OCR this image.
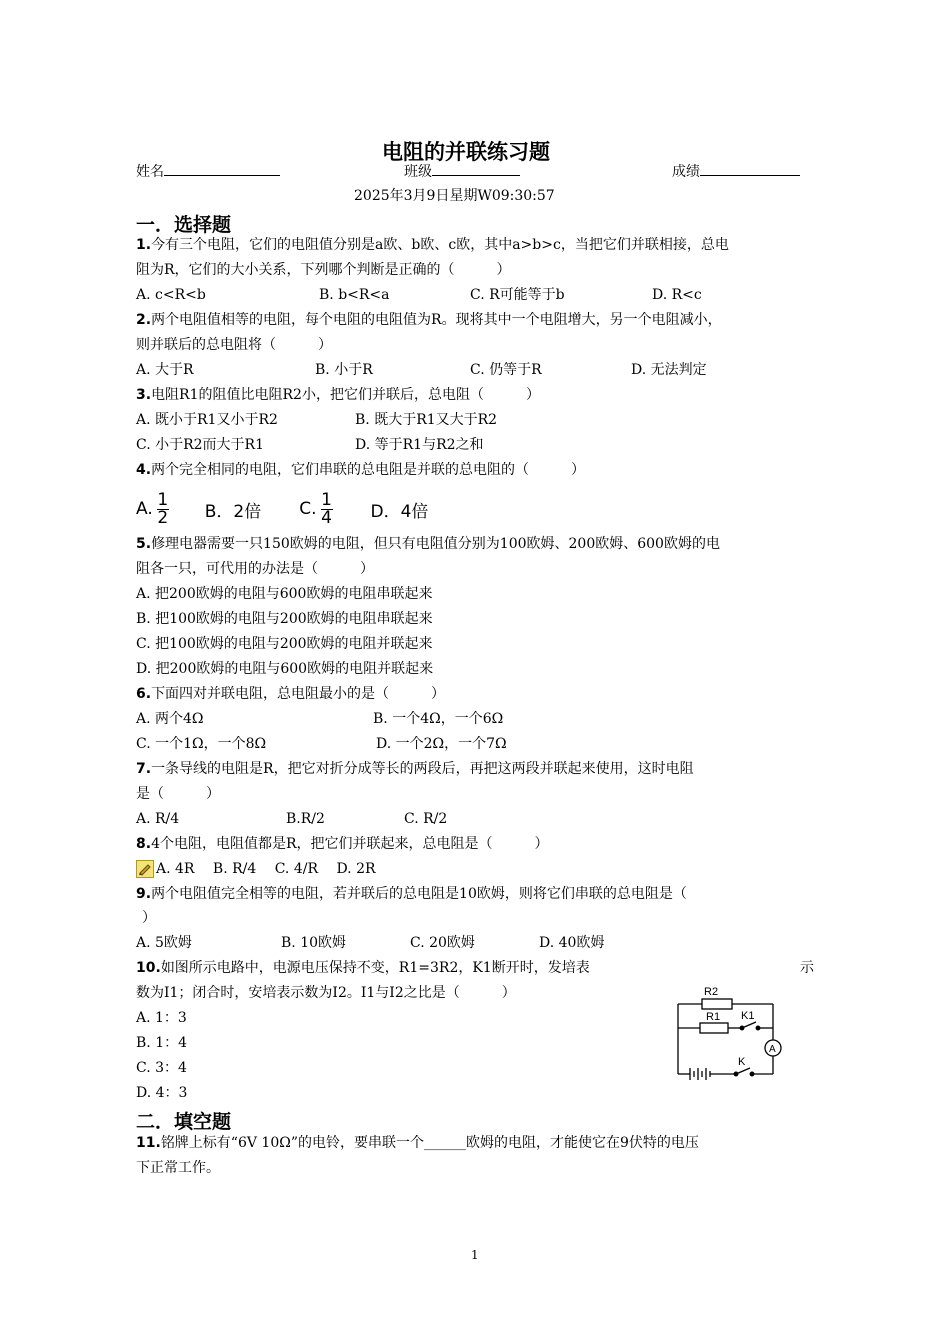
电阻的并联练习题
姓名	班级	成绩
2025年3月9日星期W09:30:57
一．选择题
1.今有三个电阻，它们的电阻值分别是a欧、b欧、c欧，其中a>b>c，当把它们并联相接，总电
阻为R，它们的大小关系，下列哪个判断是正确的（　　　）
A. c<R<b	B. b<R<a	C. R可能等于b	D. R<c
2.两个电阻值相等的电阻，每个电阻的电阻值为R。现将其中一个电阻增大，另一个电阻减小，
则并联后的总电阻将（　　　）
A. 大于R	B. 小于R	C. 仍等于R	D. 无法判定
3.电阻R1的阻值比电阻R2小，把它们并联后，总电阻（　　　）
A. 既小于R1又小于R2	B. 既大于R1又大于R2
C. 小于R2而大于R1	D. 等于R1与R2之和
4.两个完全相同的电阻，它们串联的总电阻是并联的总电阻的（　　　）
A. $\frac{1}{2}$ B．2倍 C. $\frac{1}{4}$ D．4倍
5.修理电器需要一只150欧姆的电阻，但只有电阻值分别为100欧姆、200欧姆、600欧姆的电
阻各一只，可代用的办法是（　　　）
A. 把200欧姆的电阻与600欧姆的电阻串联起来
B. 把100欧姆的电阻与200欧姆的电阻串联起来
C. 把100欧姆的电阻与200欧姆的电阻并联起来
D. 把200欧姆的电阻与600欧姆的电阻并联起来
6.下面四对并联电阻，总电阻最小的是（　　　）
A. 两个4Ω	B. 一个4Ω，一个6Ω
C. 一个1Ω，一个8Ω	D. 一个2Ω，一个7Ω
7.一条导线的电阻是R，把它对折分成等长的两段后，再把这两段并联起来使用，这时电阻
是（　　　）
A. R/4	B.R/2	C. R/2
8.4个电阻，电阻值都是R，把它们并联起来，总电阻是（　　　）
A. 4R　 B. R/4　 C. 4/R　 D. 2R
9.两个电阻值完全相等的电阻，若并联后的总电阻是10欧姆，则将它们串联的总电阻是（
）
A. 5欧姆	B. 10欧姆	C. 20欧姆	D. 40欧姆
10.如图所示电路中，电源电压保持不变，R1=3R2，K1断开时，发培表	示
数为I1；闭合时，安培表示数为I2。I1与I2之比是（　　　）
A. 1：3
B. 1：4
C. 3：4
D. 4：3
R2
R1 K1
K
A
二．填空题
11.铭牌上标有“6V 10Ω”的电铃，要串联一个______欧姆的电阻，才能使它在9伏特的电压
下正常工作。
1
